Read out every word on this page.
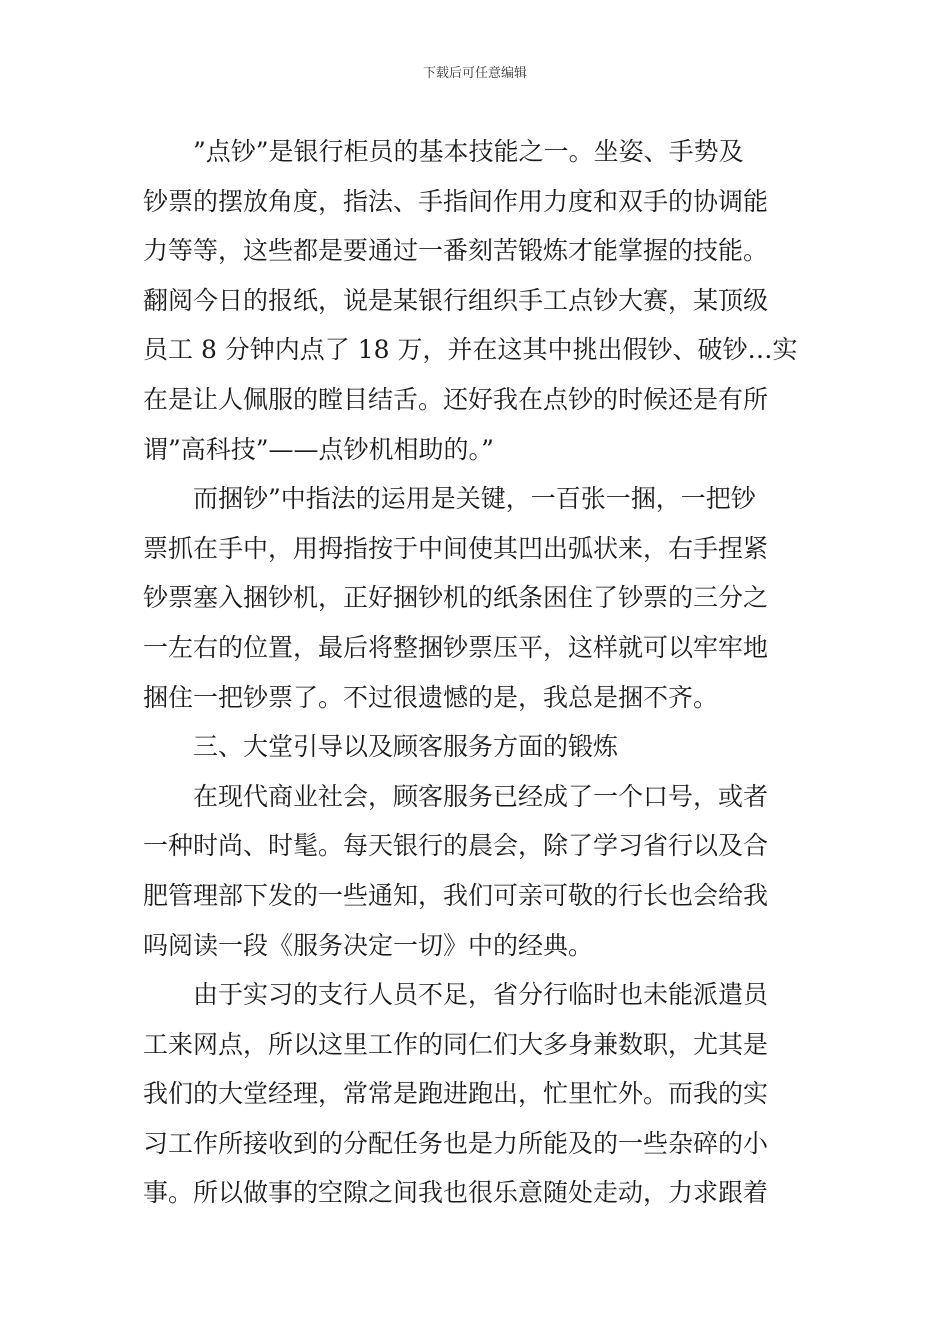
下载后可任意编辑
”点钞”是银行柜员的基本技能之一。坐姿、手势及
钞票的摆放角度，指法、手指间作用力度和双手的协调能
力等等，这些都是要通过一番刻苦锻炼才能掌握的技能。
翻阅今日的报纸，说是某银行组织手工点钞大赛，某顶级
员工 8 分钟内点了 18 万，并在这其中挑出假钞、破钞…实
在是让人佩服的瞠目结舌。还好我在点钞的时候还是有所
谓”高科技”——点钞机相助的。”
而捆钞”中指法的运用是关键，一百张一捆，一把钞
票抓在手中，用拇指按于中间使其凹出弧状来，右手捏紧
钞票塞入捆钞机，正好捆钞机的纸条困住了钞票的三分之
一左右的位置，最后将整捆钞票压平，这样就可以牢牢地
捆住一把钞票了。不过很遗憾的是，我总是捆不齐。
三、大堂引导以及顾客服务方面的锻炼
在现代商业社会，顾客服务已经成了一个口号，或者
一种时尚、时髦。每天银行的晨会，除了学习省行以及合
肥管理部下发的一些通知，我们可亲可敬的行长也会给我
吗阅读一段《服务决定一切》中的经典。
由于实习的支行人员不足，省分行临时也未能派遣员
工来网点，所以这里工作的同仁们大多身兼数职，尤其是
我们的大堂经理，常常是跑进跑出，忙里忙外。而我的实
习工作所接收到的分配任务也是力所能及的一些杂碎的小
事。所以做事的空隙之间我也很乐意随处走动，力求跟着
